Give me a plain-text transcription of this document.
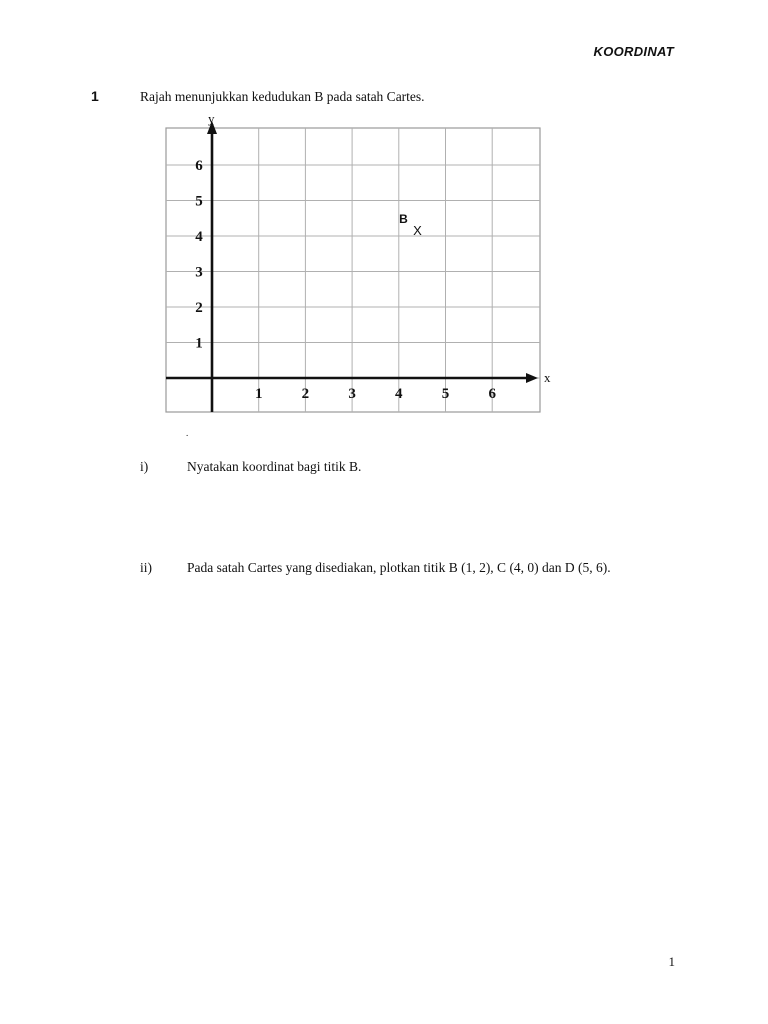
KOORDINAT
1	Rajah menunjukkan kedudukan B pada satah Cartes.
x
y
1	2	3	4	5	6
1
2
3
4
5
6
X
B
.
i)	Nyatakan koordinat bagi titik B.
ii)	Pada satah Cartes yang disediakan, plotkan titik B (1, 2), C (4, 0) dan D (5, 6).
1
